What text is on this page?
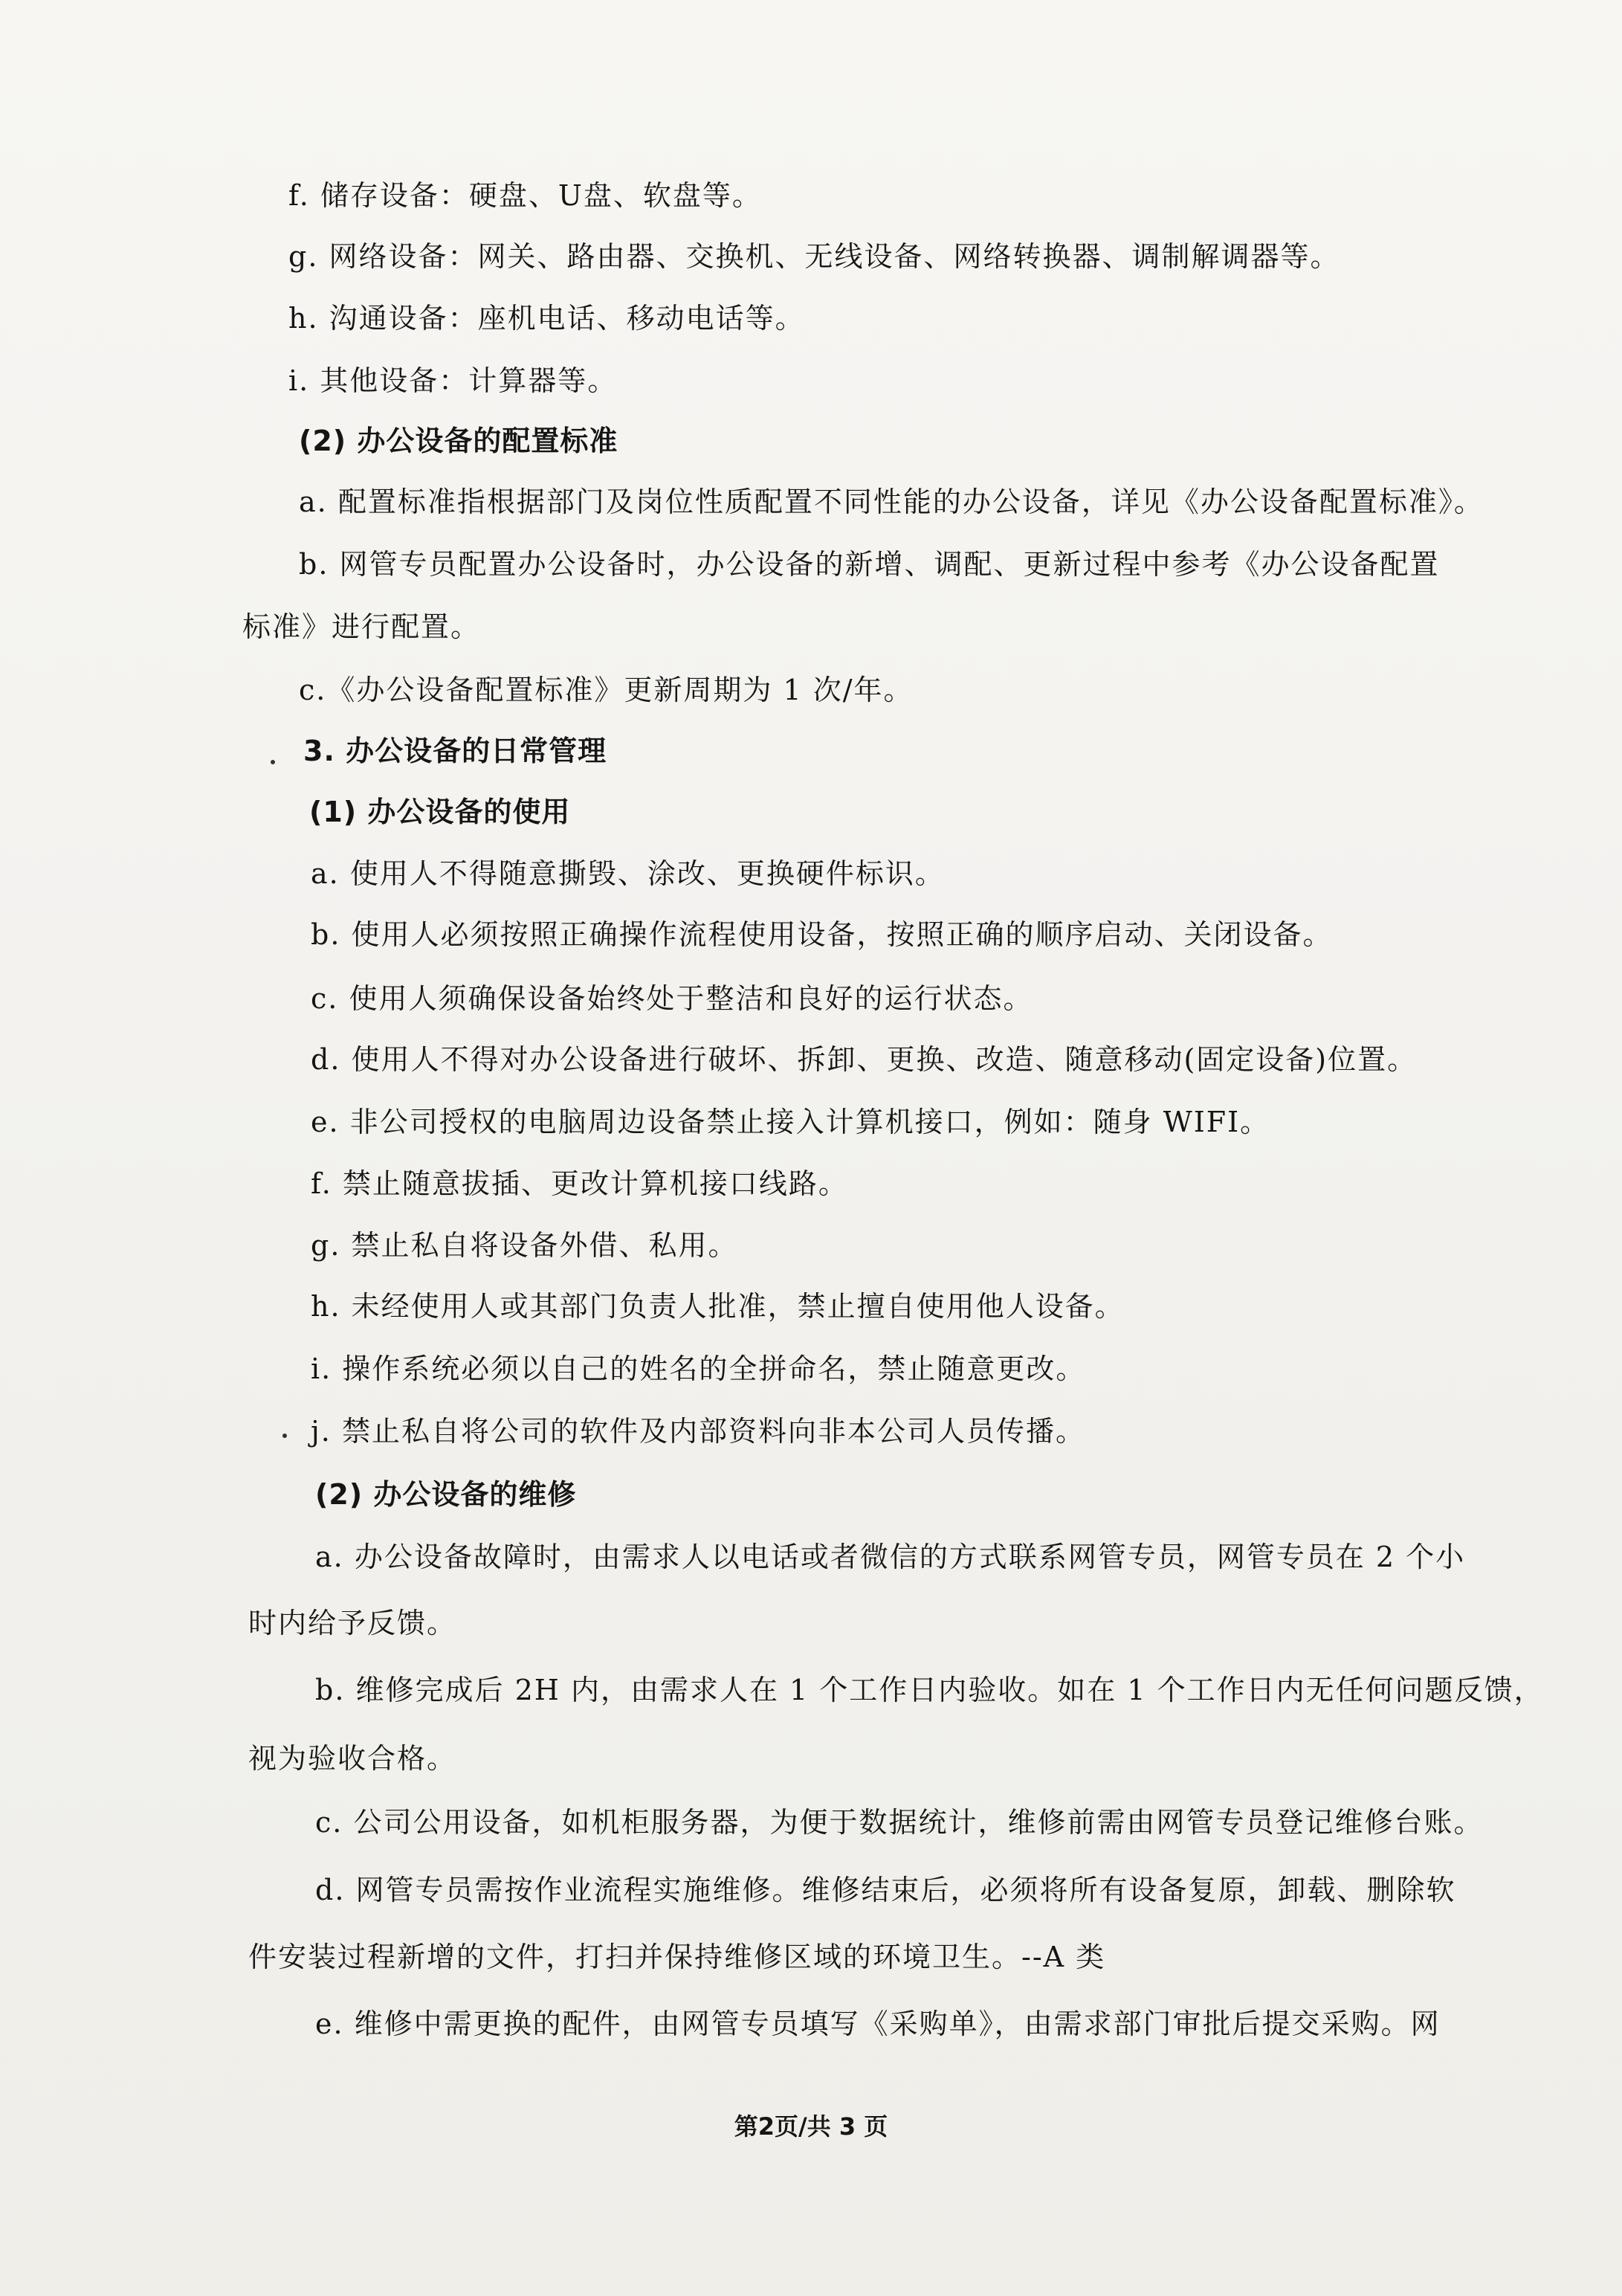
f. 储存设备：硬盘、U盘、软盘等。
g. 网络设备：网关、路由器、交换机、无线设备、网络转换器、调制解调器等。
h. 沟通设备：座机电话、移动电话等。
i. 其他设备：计算器等。
(2) 办公设备的配置标准
a. 配置标准指根据部门及岗位性质配置不同性能的办公设备，详见《办公设备配置标准》。
b. 网管专员配置办公设备时，办公设备的新增、调配、更新过程中参考《办公设备配置
标准》进行配置。
c.《办公设备配置标准》更新周期为 1 次/年。
3. 办公设备的日常管理
(1) 办公设备的使用
a. 使用人不得随意撕毁、涂改、更换硬件标识。
b. 使用人必须按照正确操作流程使用设备，按照正确的顺序启动、关闭设备。
c. 使用人须确保设备始终处于整洁和良好的运行状态。
d. 使用人不得对办公设备进行破坏、拆卸、更换、改造、随意移动(固定设备)位置。
e. 非公司授权的电脑周边设备禁止接入计算机接口，例如：随身 WIFI。
f. 禁止随意拔插、更改计算机接口线路。
g. 禁止私自将设备外借、私用。
h. 未经使用人或其部门负责人批准，禁止擅自使用他人设备。
i. 操作系统必须以自己的姓名的全拼命名，禁止随意更改。
j. 禁止私自将公司的软件及内部资料向非本公司人员传播。
(2) 办公设备的维修
a. 办公设备故障时，由需求人以电话或者微信的方式联系网管专员，网管专员在 2 个小
时内给予反馈。
b. 维修完成后 2H 内，由需求人在 1 个工作日内验收。如在 1 个工作日内无任何问题反馈，
视为验收合格。
c. 公司公用设备，如机柜服务器，为便于数据统计，维修前需由网管专员登记维修台账。
d. 网管专员需按作业流程实施维修。维修结束后，必须将所有设备复原，卸载、删除软
件安装过程新增的文件，打扫并保持维修区域的环境卫生。--A 类
e. 维修中需更换的配件，由网管专员填写《采购单》，由需求部门审批后提交采购。网
第2页/共 3 页
